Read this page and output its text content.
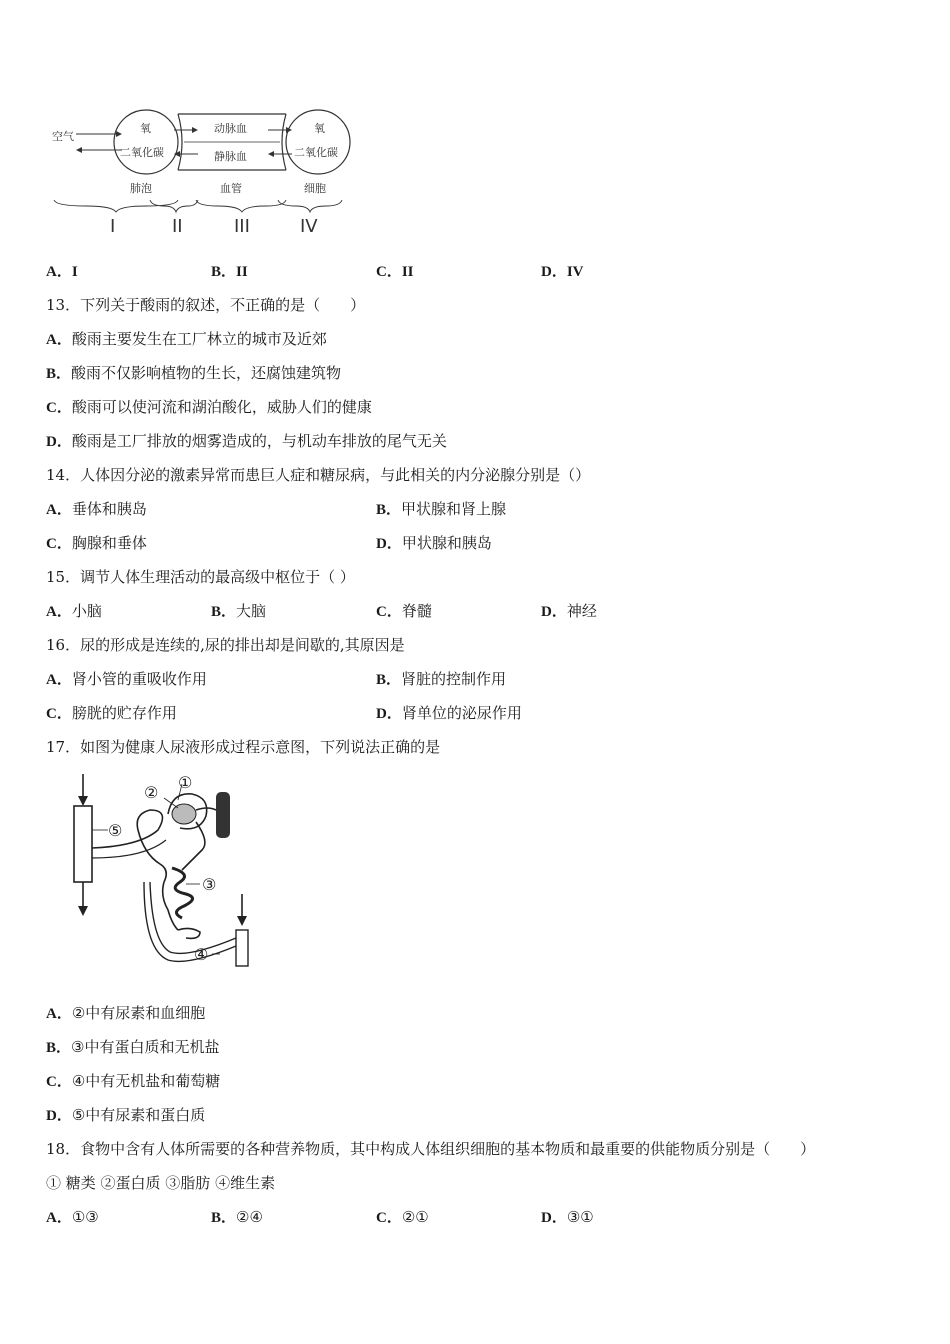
空气
氧
二氧化碳
动脉血
静脉血
氧
二氧化碳
肺泡	血管	细胞
I	II	III	IV
A．I	B．II	C．II	D．IV
13．下列关于酸雨的叙述，不正确的是（　　）
A．酸雨主要发生在工厂林立的城市及近郊
B．酸雨不仅影响植物的生长，还腐蚀建筑物
C．酸雨可以使河流和湖泊酸化，威胁人们的健康
D．酸雨是工厂排放的烟雾造成的，与机动车排放的尾气无关
14．人体因分泌的激素异常而患巨人症和糖尿病，与此相关的内分泌腺分别是（）
A．垂体和胰岛	B．甲状腺和肾上腺
C．胸腺和垂体	D．甲状腺和胰岛
15．调节人体生理活动的最高级中枢位于（ ）
A．小脑	B．大脑	C．脊髓	D．神经
16．尿的形成是连续的,尿的排出却是间歇的,其原因是
A．肾小管的重吸收作用	B．肾脏的控制作用
C．膀胱的贮存作用	D．肾单位的泌尿作用
17．如图为健康人尿液形成过程示意图，下列说法正确的是
⑤
②
①
③
④
A．②中有尿素和血细胞
B．③中有蛋白质和无机盐
C．④中有无机盐和葡萄糖
D．⑤中有尿素和蛋白质
18．食物中含有人体所需要的各种营养物质，其中构成人体组织细胞的基本物质和最重要的供能物质分别是（　　）
① 糖类 ②蛋白质 ③脂肪 ④维生素
A．①③	B．②④	C．②①	D．③①
